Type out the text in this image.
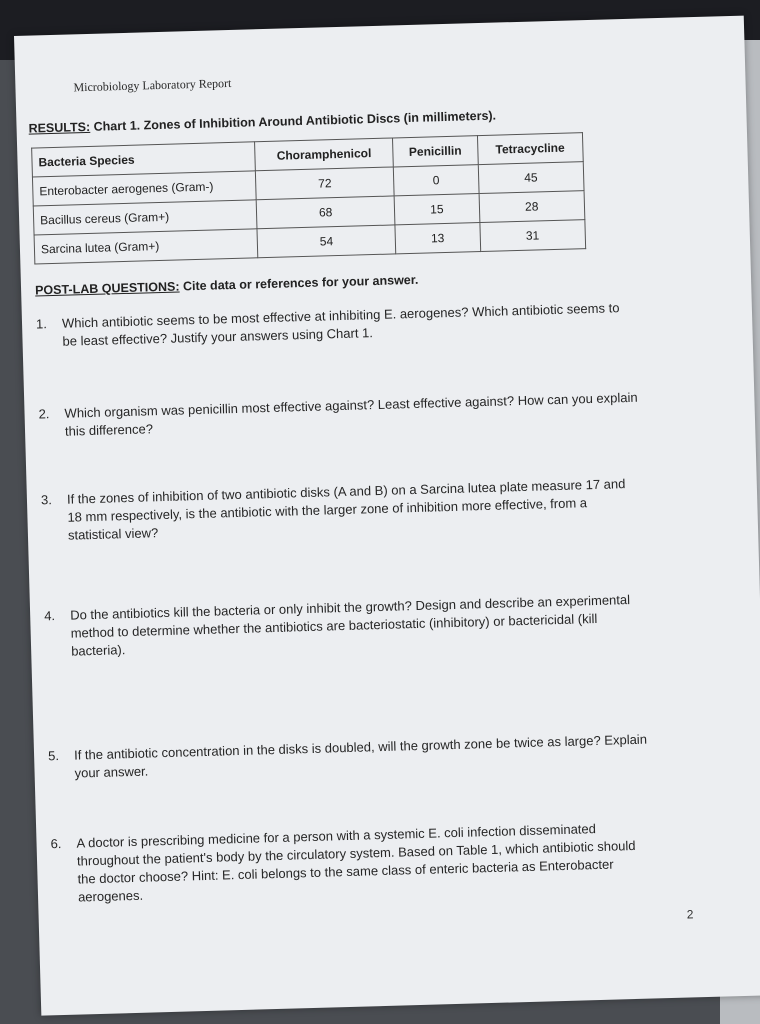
Microbiology Laboratory Report
RESULTS: Chart 1. Zones of Inhibition Around Antibiotic Discs (in millimeters).
Bacteria Species	Choramphenicol	Penicillin	Tetracycline
Enterobacter aerogenes (Gram-)	72	0	45
Bacillus cereus (Gram+)	68	15	28
Sarcina lutea (Gram+)	54	13	31
POST-LAB QUESTIONS: Cite data or references for your answer.
1.	Which antibiotic seems to be most effective at inhibiting E. aerogenes? Which antibiotic seems to be least effective? Justify your answers using Chart 1.
2.	Which organism was penicillin most effective against? Least effective against? How can you explain this difference?
3.	If the zones of inhibition of two antibiotic disks (A and B) on a Sarcina lutea plate measure 17 and 18 mm respectively, is the antibiotic with the larger zone of inhibition more effective, from a statistical view?
4.	Do the antibiotics kill the bacteria or only inhibit the growth? Design and describe an experimental method to determine whether the antibiotics are bacteriostatic (inhibitory) or bactericidal (kill bacteria).
5.	If the antibiotic concentration in the disks is doubled, will the growth zone be twice as large? Explain your answer.
6.	A doctor is prescribing medicine for a person with a systemic E. coli infection disseminated throughout the patient's body by the circulatory system. Based on Table 1, which antibiotic should the doctor choose? Hint: E. coli belongs to the same class of enteric bacteria as Enterobacter aerogenes.
2
